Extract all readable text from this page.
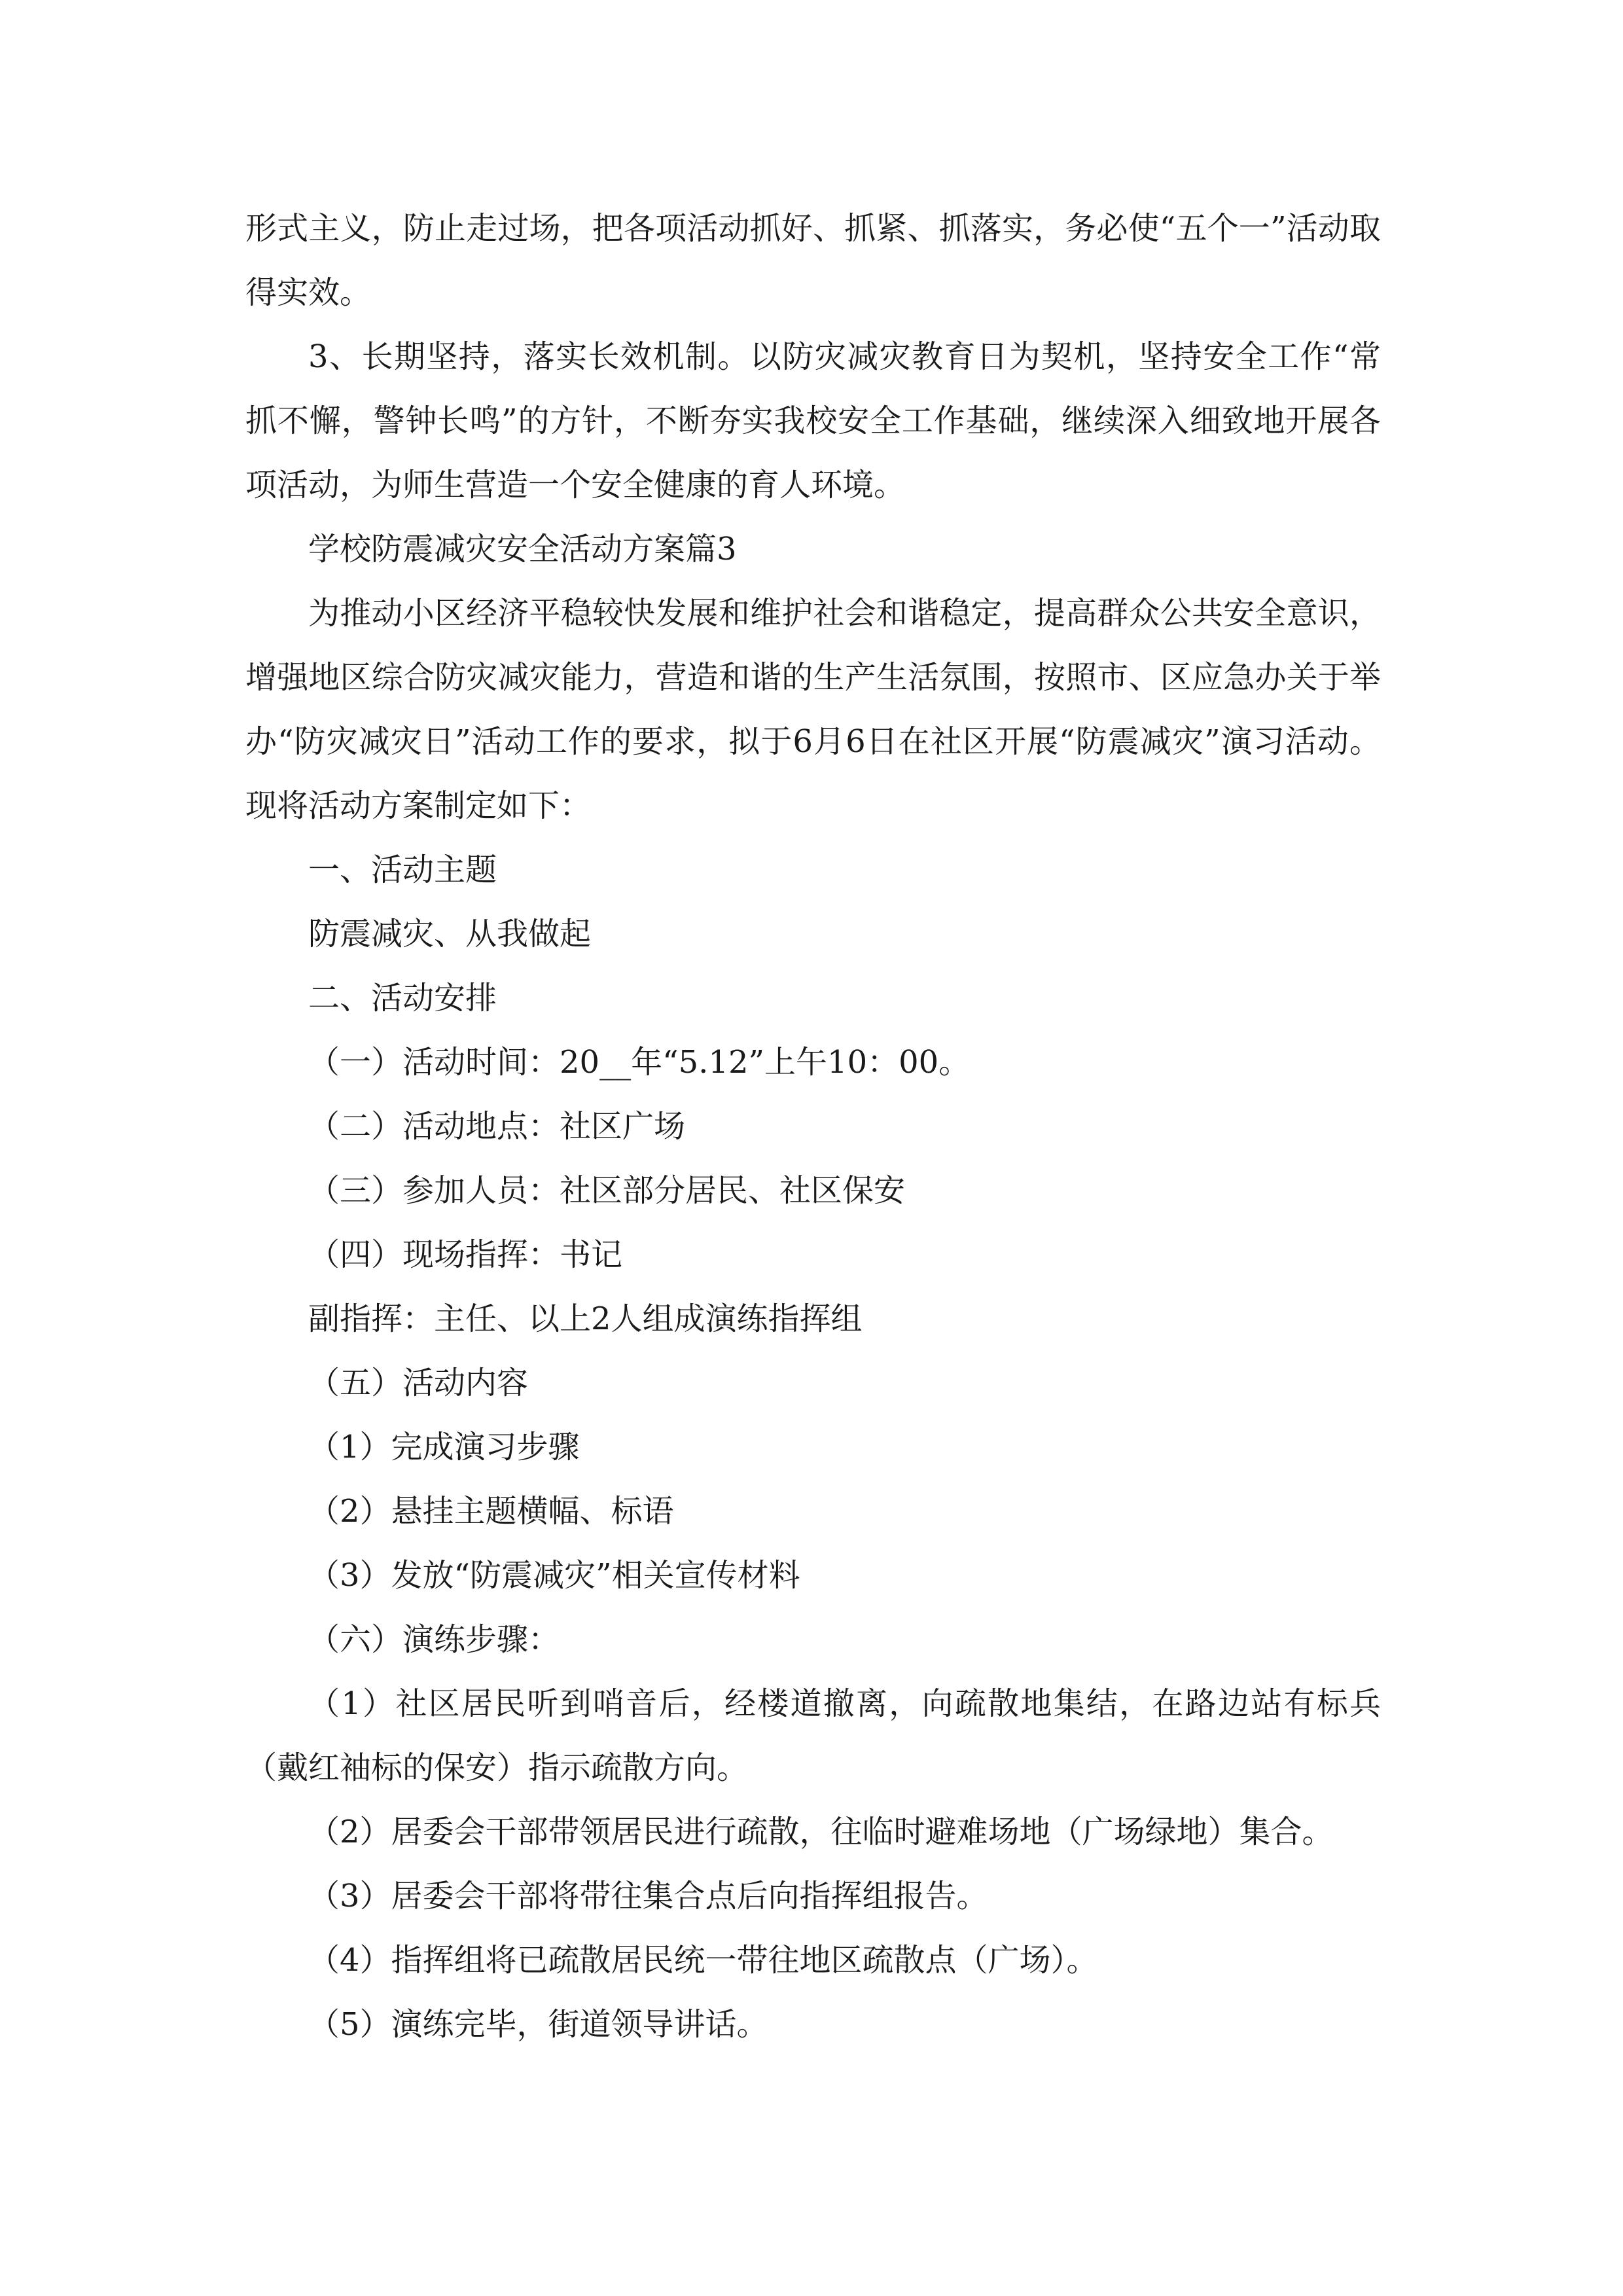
形式主义，防止走过场，把各项活动抓好、抓紧、抓落实，务必使“五个一”活动取得实效。

3、长期坚持，落实长效机制。以防灾减灾教育日为契机，坚持安全工作“常抓不懈，警钟长鸣”的方针，不断夯实我校安全工作基础，继续深入细致地开展各项活动，为师生营造一个安全健康的育人环境。

学校防震减灾安全活动方案篇3

为推动小区经济平稳较快发展和维护社会和谐稳定，提高群众公共安全意识，增强地区综合防灾减灾能力，营造和谐的生产生活氛围，按照市、区应急办关于举办“防灾减灾日”活动工作的要求，拟于6月6日在社区开展“防震减灾”演习活动。现将活动方案制定如下：

一、活动主题

防震减灾、从我做起

二、活动安排

（一）活动时间：20__年“5.12”上午10：00。

（二）活动地点：社区广场

（三）参加人员：社区部分居民、社区保安

（四）现场指挥：书记

副指挥：主任、以上2人组成演练指挥组

（五）活动内容

（1）完成演习步骤

（2）悬挂主题横幅、标语

（3）发放“防震减灾”相关宣传材料

（六）演练步骤：

（1）社区居民听到哨音后，经楼道撤离，向疏散地集结，在路边站有标兵（戴红袖标的保安）指示疏散方向。

（2）居委会干部带领居民进行疏散，往临时避难场地（广场绿地）集合。

（3）居委会干部将带往集合点后向指挥组报告。

（4）指挥组将已疏散居民统一带往地区疏散点（广场）。

（5）演练完毕，街道领导讲话。
